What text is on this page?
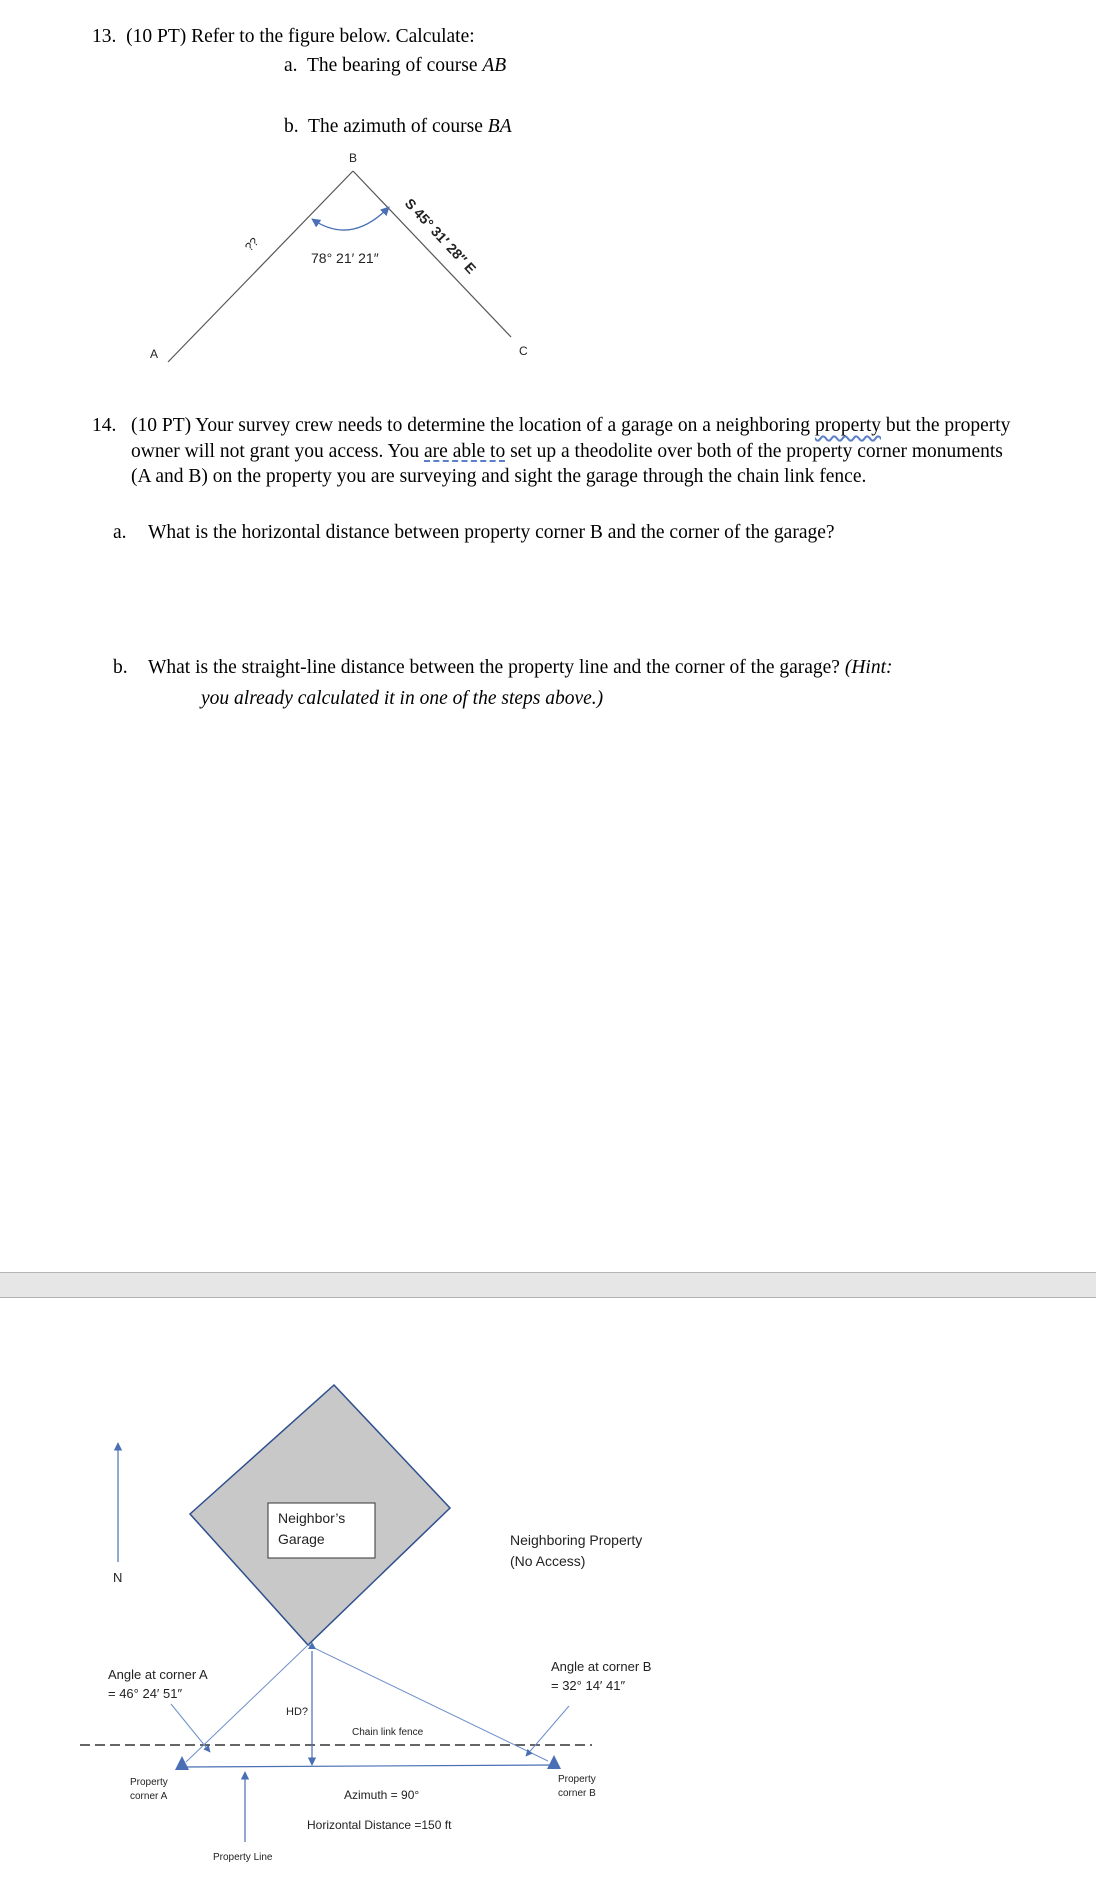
13. (10 PT) Refer to the figure below. Calculate:
a. The bearing of course AB
b. The azimuth of course BA
B
A	C
??
78° 21′ 21″ S 45° 31′ 28″ E
14. (10 PT) Your survey crew needs to determine the location of a garage on a neighboring property but the property owner will not grant you access. You are able to set up a theodolite over both of the property corner monuments (A and B) on the property you are surveying and sight the garage through the chain link fence.
a. What is the horizontal distance between property corner B and the corner of the garage?
b. What is the straight-line distance between the property line and the corner of the garage? (Hint:
you already calculated it in one of the steps above.)
N
Neighbor’s
Garage	Neighboring Property
(No Access)
Chain link fence
HD?
Angle at corner A
= 46° 24′ 51″
Angle at corner B
= 32° 14′ 41″
Property
corner A
Property
corner B
Azimuth = 90°
Horizontal Distance =150 ft
Property Line
